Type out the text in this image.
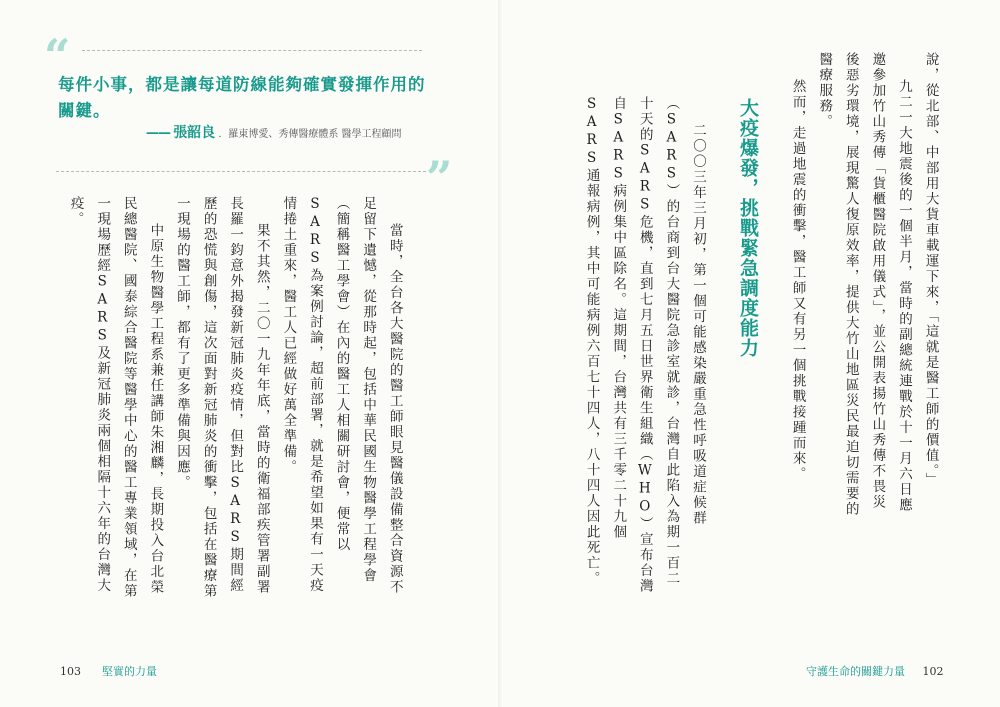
“

每件小事，都是讓每道防線能夠確實發揮作用的關鍵。

—— 張韶良 ．羅東博愛、秀傳醫療體系 醫學工程顧問
”

當時，全台各大醫院的醫工師眼見醫儀設備整合資源不足留下遺憾，從那時起，包括中華民國生物醫學工程學會（簡稱醫工學會）在內的醫工人相關研討會，便常以SARS為案例討論，超前部署，就是希望如果有一天疫情捲土重來，醫工人已經做好萬全準備。

果不其然，二〇一九年年底，當時的衛福部疾管署副署長羅一鈞意外揭發新冠肺炎疫情，但對比SARS期間經歷的恐慌與創傷，這次面對新冠肺炎的衝擊，包括在醫療第一現場的醫工師，都有了更多準備與因應。

中原生物醫學工程系兼任講師朱湘麟，長期投入台北榮民總醫院、國泰綜合醫院等醫學中心的醫工專業領域，在第一現場歷經SARS及新冠肺炎兩個相隔十六年的台灣大疫。

103 堅實的力量

說，從北部、中部用大貨車載運下來，「這就是醫工師的價值。」

九二一大地震後的一個半月，當時的副總統連戰於十一月六日應邀參加竹山秀傳「貨櫃醫院啟用儀式」，並公開表揚竹山秀傳不畏災後惡劣環境，展現驚人復原效率，提供大竹山地區災民最迫切需要的醫療服務。

然而，走過地震的衝擊，醫工師又有另一個挑戰接踵而來。

大疫爆發，挑戰緊急調度能力

二〇〇三年三月初，第一個可能感染嚴重急性呼吸道症候群（SARS）的台商到台大醫院急診室就診，台灣自此陷入為期一百二十天的SARS危機，直到七月五日世界衛生組織（WHO）宣布台灣自SARS病例集中區除名。這期間，台灣共有三千零二十九個SARS通報病例，其中可能病例六百七十四人，八十四人因此死亡。

守護生命的關鍵力量 102
